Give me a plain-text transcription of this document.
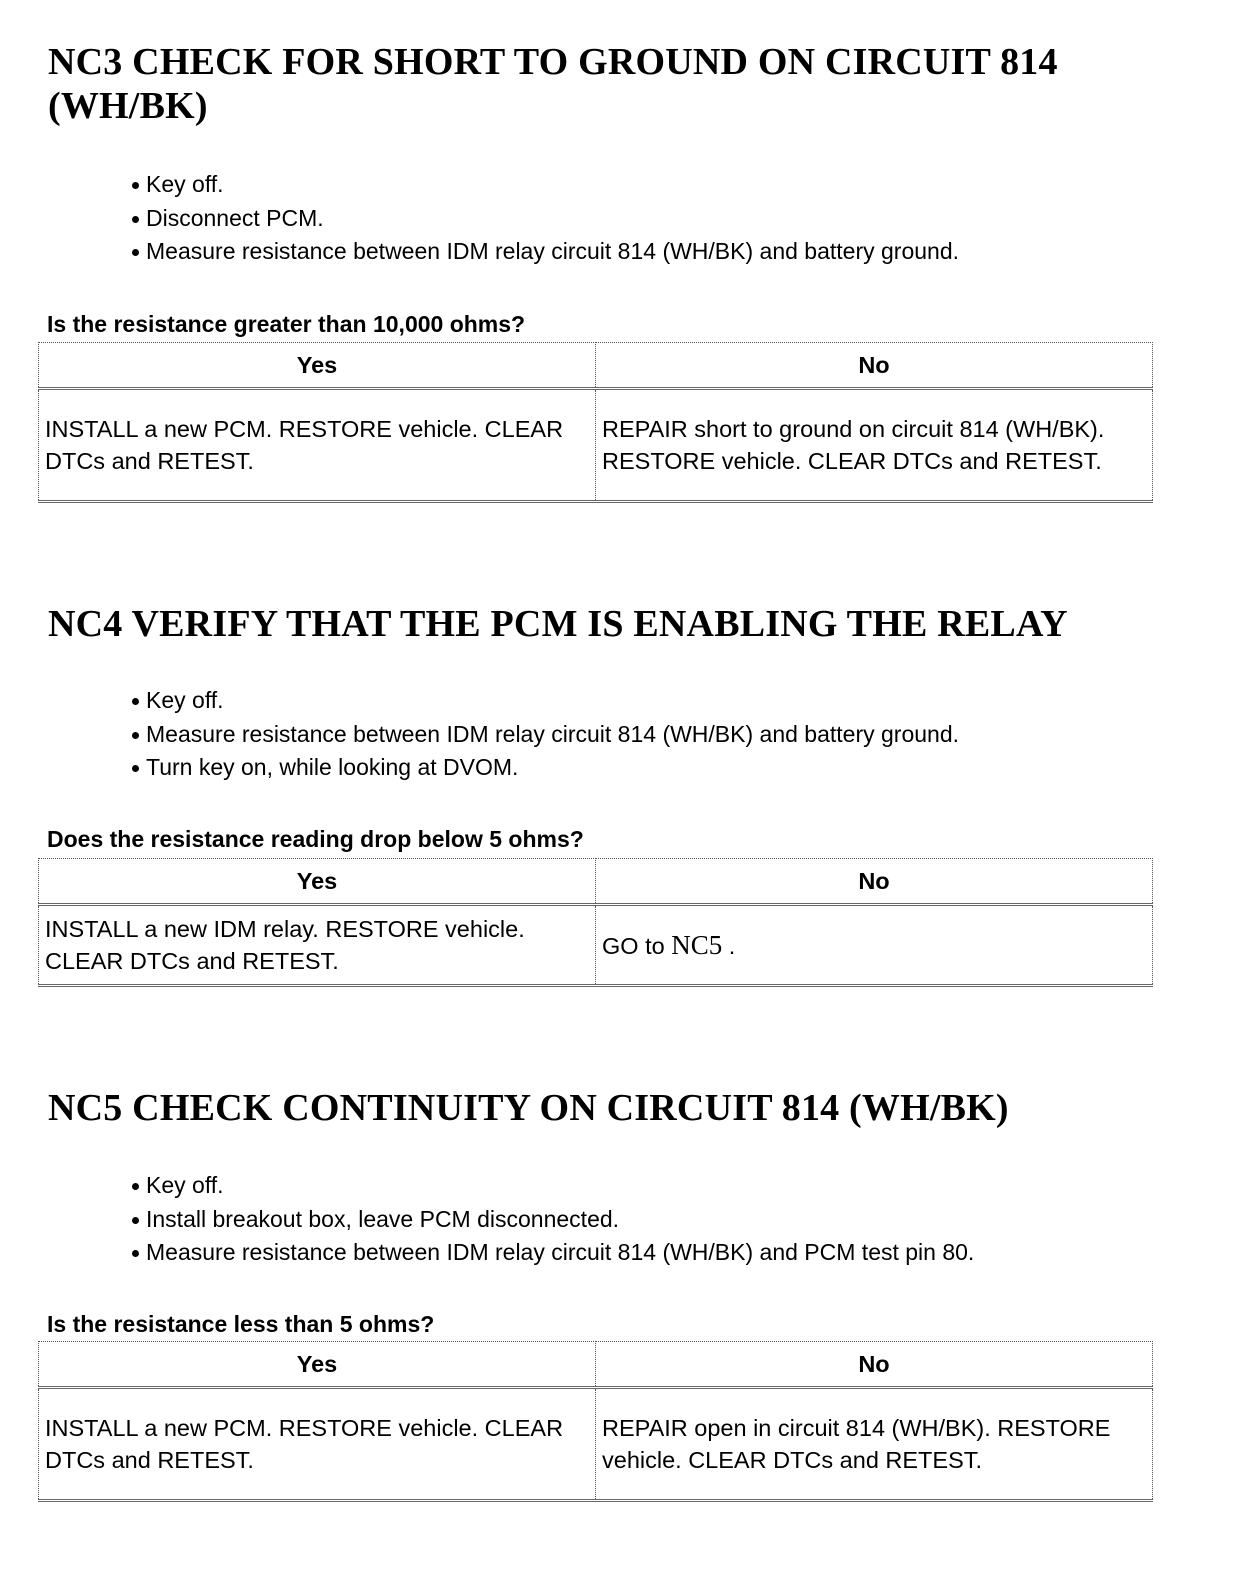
NC3 CHECK FOR SHORT TO GROUND ON CIRCUIT 814 (WH/BK)
Key off.
Disconnect PCM.
Measure resistance between IDM relay circuit 814 (WH/BK) and battery ground.

Is the resistance greater than 10,000 ohms?

Yes	No
INSTALL a new PCM. RESTORE vehicle. CLEAR DTCs and RETEST.	REPAIR short to ground on circuit 814 (WH/BK). RESTORE vehicle. CLEAR DTCs and RETEST.
NC4 VERIFY THAT THE PCM IS ENABLING THE RELAY
Key off.
Measure resistance between IDM relay circuit 814 (WH/BK) and battery ground.
Turn key on, while looking at DVOM.

Does the resistance reading drop below 5 ohms?

Yes	No
INSTALL a new IDM relay. RESTORE vehicle. CLEAR DTCs and RETEST.	GO to NC5 .
NC5 CHECK CONTINUITY ON CIRCUIT 814 (WH/BK)
Key off.
Install breakout box, leave PCM disconnected.
Measure resistance between IDM relay circuit 814 (WH/BK) and PCM test pin 80.

Is the resistance less than 5 ohms?

Yes	No
INSTALL a new PCM. RESTORE vehicle. CLEAR DTCs and RETEST.	REPAIR open in circuit 814 (WH/BK). RESTORE vehicle. CLEAR DTCs and RETEST.
